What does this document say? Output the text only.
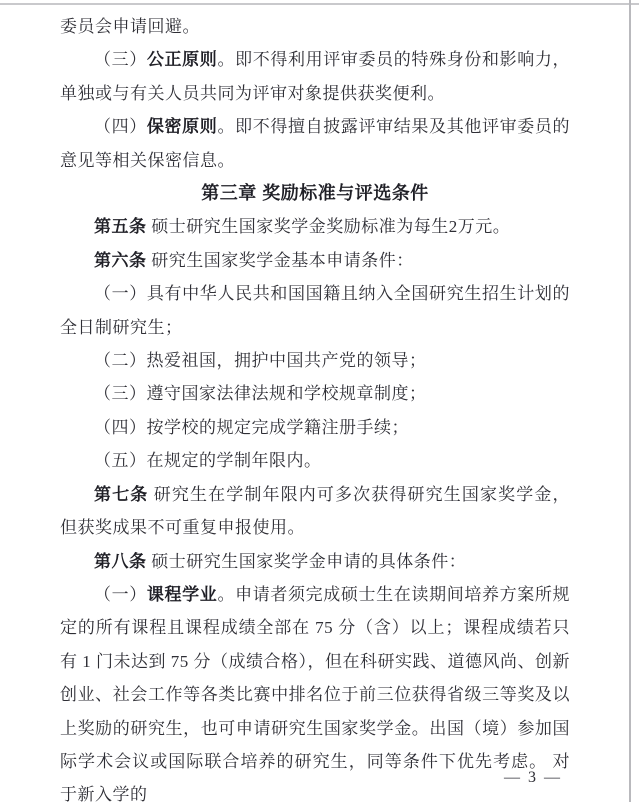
委员会申请回避。

（三）公正原则。即不得利用评审委员的特殊身份和影响力，单独或与有关人员共同为评审对象提供获奖便利。

（四）保密原则。即不得擅自披露评审结果及其他评审委员的意见等相关保密信息。

第三章 奖励标准与评选条件

第五条 硕士研究生国家奖学金奖励标准为每生2万元。

第六条 研究生国家奖学金基本申请条件：

（一）具有中华人民共和国国籍且纳入全国研究生招生计划的全日制研究生；

（二）热爱祖国，拥护中国共产党的领导；

（三）遵守国家法律法规和学校规章制度；

（四）按学校的规定完成学籍注册手续；

（五）在规定的学制年限内。

第七条 研究生在学制年限内可多次获得研究生国家奖学金，但获奖成果不可重复申报使用。

第八条 硕士研究生国家奖学金申请的具体条件：

（一）课程学业。申请者须完成硕士生在读期间培养方案所规定的所有课程且课程成绩全部在 75 分（含）以上；课程成绩若只有 1 门未达到 75 分（成绩合格），但在科研实践、道德风尚、创新创业、社会工作等各类比赛中排名位于前三位获得省级三等奖及以上奖励的研究生，也可申请研究生国家奖学金。出国（境）参加国际学术会议或国际联合培养的研究生，同等条件下优先考虑。 对于新入学的

— 3 —
